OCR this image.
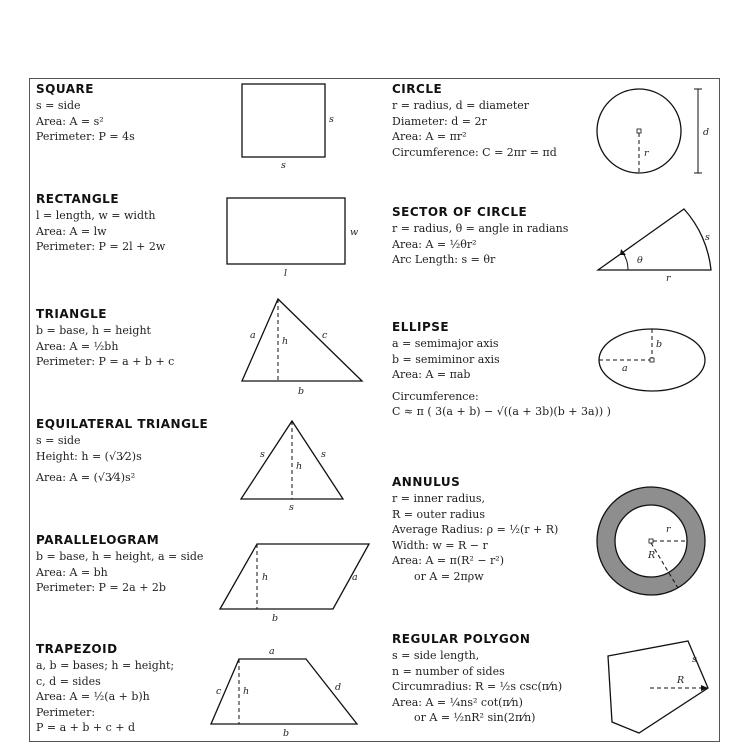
SQUARE
s = side
Area: A = s²
Perimeter: P = 4s
s
s
RECTANGLE
l = length, w = width
Area: A = lw
Perimeter: P = 2l + 2w
w
l
TRIANGLE
b = base, h = height
Area: A = ½bh
Perimeter: P = a + b + c
a
h
c
b
EQUILATERAL TRIANGLE
s = side
Height: h = (√3⁄2)s
Area: A = (√3⁄4)s²
s
h
s
s
PARALLELOGRAM
b = base, h = height, a = side
Area: A = bh
Perimeter: P = 2a + 2b
h	a
b
TRAPEZOID
a, b = bases; h = height;
c, d = sides
Area: A = ½(a + b)h
Perimeter:
P = a + b + c + d
a
c h	d
b
CIRCLE
r = radius, d = diameter
Diameter: d = 2r
Area: A = πr²
Circumference: C = 2πr = πd	r
d
SECTOR OF CIRCLE
r = radius, θ = angle in radians
Area: A = ½θr²
Arc Length: s = θr	θ
s
r
ELLIPSE
a = semimajor axis
b = semiminor axis
Area: A = πab
Circumference:
C ≈ π ( 3(a + b) − √((a + 3b)(b + 3a)) )
a
b
ANNULUS
r = inner radius,
R = outer radius
Average Radius: ρ = ½(r + R)
Width: w = R − r
Area: A = π(R² − r²)
or A = 2πρw
r
R
REGULAR POLYGON
s = side length,
n = number of sides
Circumradius: R = ½s csc(π⁄n)
Area: A = ¼ns² cot(π⁄n)
or A = ½nR² sin(2π⁄n)
s
R
